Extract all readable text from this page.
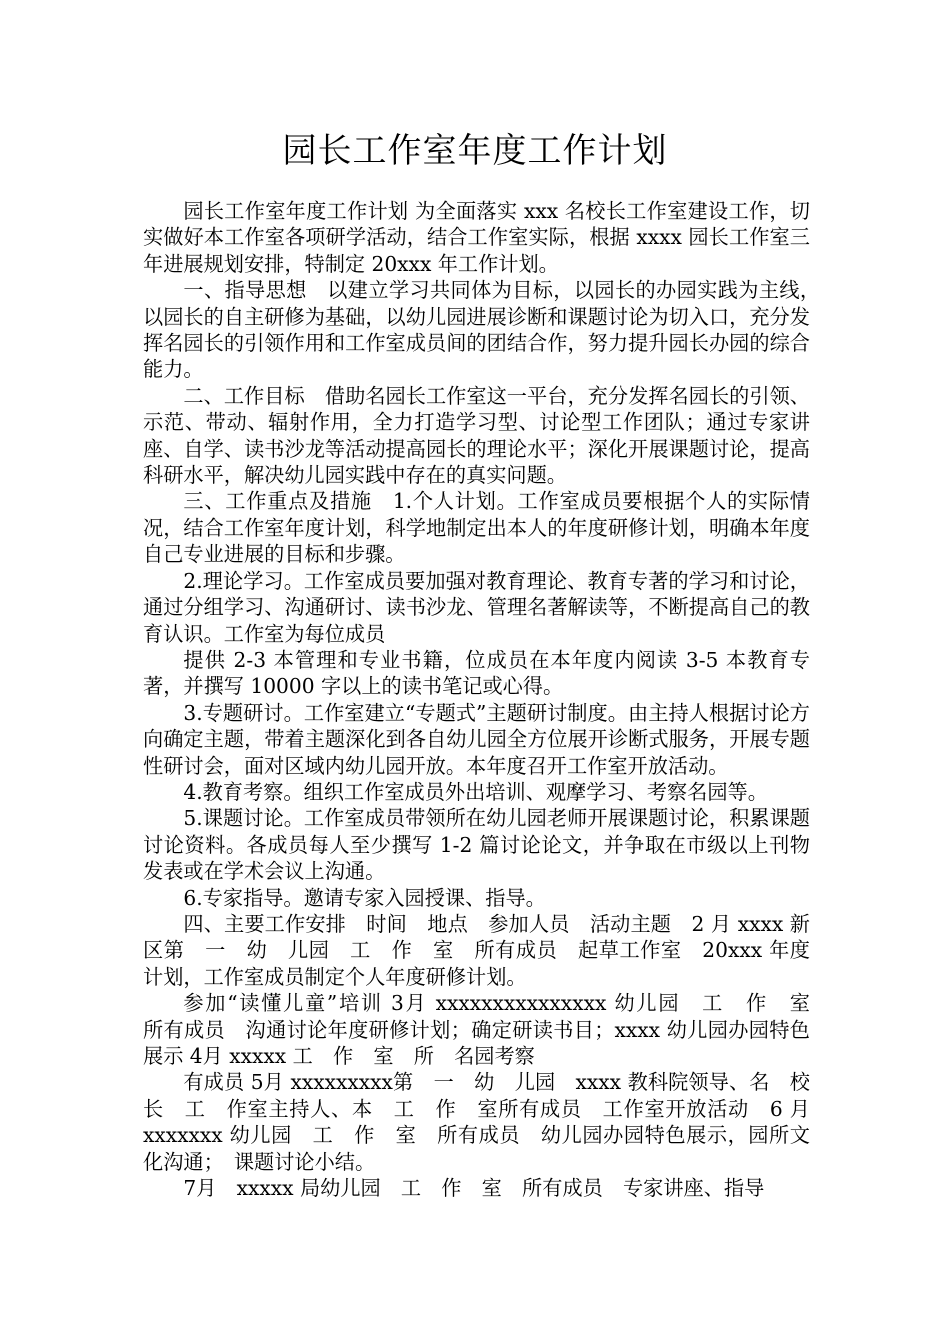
园长工作室年度工作计划

园长工作室年度工作计划 为全面落实 xxx 名校长工作室建设工作，切实做好本工作室各项研学活动，结合工作室实际，根据 xxxx 园长工作室三年进展规划安排，特制定 20xxx 年工作计划。

一、指导思想　以建立学习共同体为目标，以园长的办园实践为主线，　以园长的自主研修为基础，以幼儿园进展诊断和课题讨论为切入口，充分发挥名园长的引领作用和工作室成员间的团结合作，努力提升园长办园的综合能力。

二、工作目标　借助名园长工作室这一平台，充分发挥名园长的引领、示范、带动、辐射作用，全力打造学习型、讨论型工作团队；通过专家讲座、自学、读书沙龙等活动提高园长的理论水平；深化开展课题讨论，提高科研水平，解决幼儿园实践中存在的真实问题。

三、工作重点及措施　1.个人计划。工作室成员要根据个人的实际情况，结合工作室年度计划，科学地制定出本人的年度研修计划，明确本年度自己专业进展的目标和步骤。

2.理论学习。工作室成员要加强对教育理论、教育专著的学习和讨论，通过分组学习、沟通研讨、读书沙龙、管理名著解读等，不断提高自己的教育认识。工作室为每位成员

提供 2-3 本管理和专业书籍，位成员在本年度内阅读 3-5 本教育专著，并撰写 10000 字以上的读书笔记或心得。

3.专题研讨。工作室建立“专题式”主题研讨制度。由主持人根据讨论方向确定主题，带着主题深化到各自幼儿园全方位展开诊断式服务，开展专题性研讨会，面对区域内幼儿园开放。本年度召开工作室开放活动。

4.教育考察。组织工作室成员外出培训、观摩学习、考察名园等。

5.课题讨论。工作室成员带领所在幼儿园老师开展课题讨论，积累课题讨论资料。各成员每人至少撰写 1-2 篇讨论论文，并争取在市级以上刊物发表或在学术会议上沟通。

6.专家指导。邀请专家入园授课、指导。

四、主要工作安排　时间　地点　参加人员　活动主题　2 月 xxxx 新区第　一　幼　儿园　工　作　室　所有成员　起草工作室　20xxx 年度计划，工作室成员制定个人年度研修计划。

参加“读懂儿童”培训 3月 xxxxxxxxxxxxxxx 幼儿园　工　作　室　所有成员　沟通讨论年度研修计划；确定研读书目；xxxx 幼儿园办园特色展示 4月 xxxxx 工　作　室　所　名园考察

有成员 5月 xxxxxxxxx第　一　幼　儿园　xxxx 教科院领导、名　校　长　工　作室主持人、本　工　作　室所有成员　工作室开放活动　6 月　xxxxxxx 幼儿园　工　作　室　所有成员　幼儿园办园特色展示，园所文化沟通；　课题讨论小结。

7月　xxxxx 局幼儿园　工　作　室　所有成员　专家讲座、指导
